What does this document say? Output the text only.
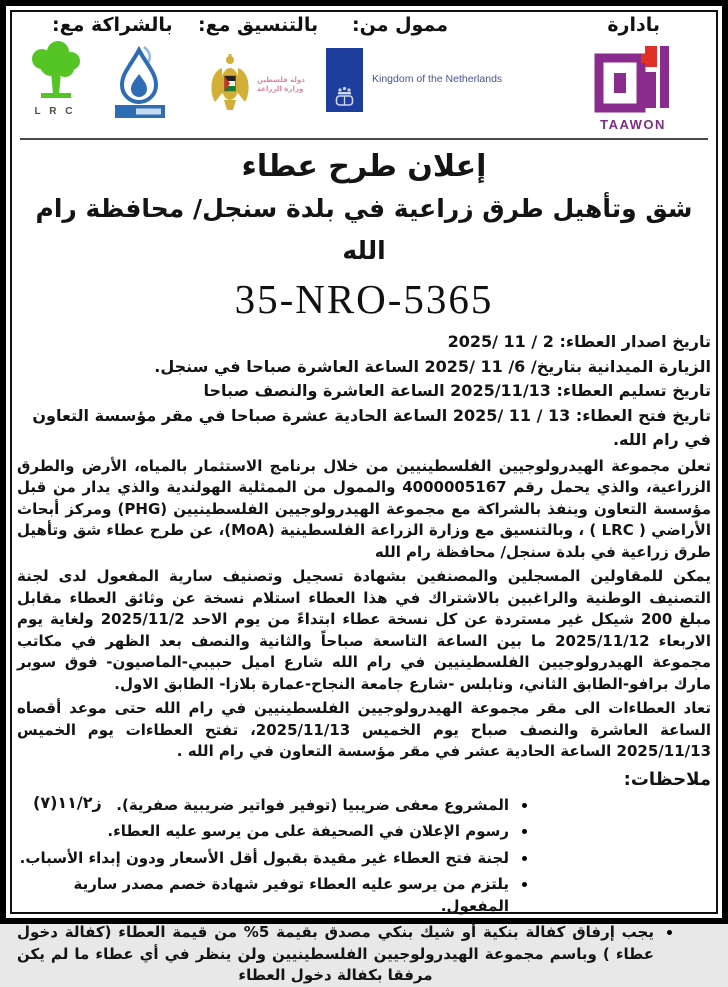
بادارة
ممول من:
بالتنسيق مع:
بالشراكة مع:
TAAWON
Kingdom of the Netherlands
دولة فلسطين
وزارة الزراعة
L R C
إعلان طرح عطاء
شق وتأهيل طرق زراعية في بلدة سنجل/ محافظة رام الله
35-NRO-5365
تاريخ اصدار العطاء: 2 / 11 /2025
الزيارة الميدانية بتاريخ/ 6/ 11 /2025 الساعة العاشرة صباحا في سنجل.
تاريخ تسليم العطاء: 2025/11/13 الساعة العاشرة والنصف صباحا
تاريخ فتح العطاء: 13 / 11 /2025 الساعة الحادية عشرة صباحا في مقر مؤسسة التعاون في رام الله.
تعلن مجموعة الهيدرولوجيين الفلسطينيين من خلال برنامج الاستثمار بالمياه، الأرض والطرق الزراعية، والذي يحمل رقم 4000005167 والممول من الممثلية الهولندية والذي يدار من قبل مؤسسة التعاون وينفذ بالشراكة مع مجموعة الهيدرولوجيين الفلسطينيين (PHG) ومركز أبحاث الأراضي ( LRC ) ، وبالتنسيق مع وزارة الزراعة الفلسطينية (MoA)، عن طرح عطاء شق وتأهيل طرق زراعية في بلدة سنجل/ محافظة رام الله
يمكن للمقاولين المسجلين والمصنفين بشهادة تسجيل وتصنيف سارية المفعول لدى لجنة التصنيف الوطنية والراغبين بالاشتراك في هذا العطاء استلام نسخة عن وثائق العطاء مقابل مبلغ 200 شيكل غير مستردة عن كل نسخة عطاء ابتداءً من يوم الاحد 2025/11/2 ولغاية يوم الاربعاء 2025/11/12 ما بين الساعة التاسعة صباحاً والثانية والنصف بعد الظهر في مكاتب مجموعة الهيدرولوجيين الفلسطينيين في رام الله شارع اميل حبيبي-الماصيون- فوق سوبر مارك برافو-الطابق الثاني، ونابلس -شارع جامعة النجاح-عمارة بلازا- الطابق الاول.
تعاد العطاءات الى مقر مجموعة الهيدرولوجيين الفلسطينيين في رام الله حتى موعد أقصاه الساعة العاشرة والنصف صباح يوم الخميس 2025/11/13، تفتح العطاءات يوم الخميس 2025/11/13 الساعة الحادية عشر في مقر مؤسسة التعاون في رام الله .
ملاحظات:
ز١١/٢(٧) المشروع معفى ضريبيا (توفير فواتير ضريبية صفرية).
رسوم الإعلان في الصحيفة على من يرسو عليه العطاء.
لجنة فتح العطاء غير مقيدة بقبول أقل الأسعار ودون إبداء الأسباب.
يلتزم من يرسو عليه العطاء توفير شهادة خصم مصدر سارية المفعول.
يجب إرفاق كفالة بنكية أو شيك بنكي مصدق بقيمة 5‏% من قيمة العطاء (كفالة دخول عطاء ) وباسم مجموعة الهيدرولوجيين الفلسطينيين ولن ينظر في أي عطاء ما لم يكن مرفقا بكفالة دخول العطاء
